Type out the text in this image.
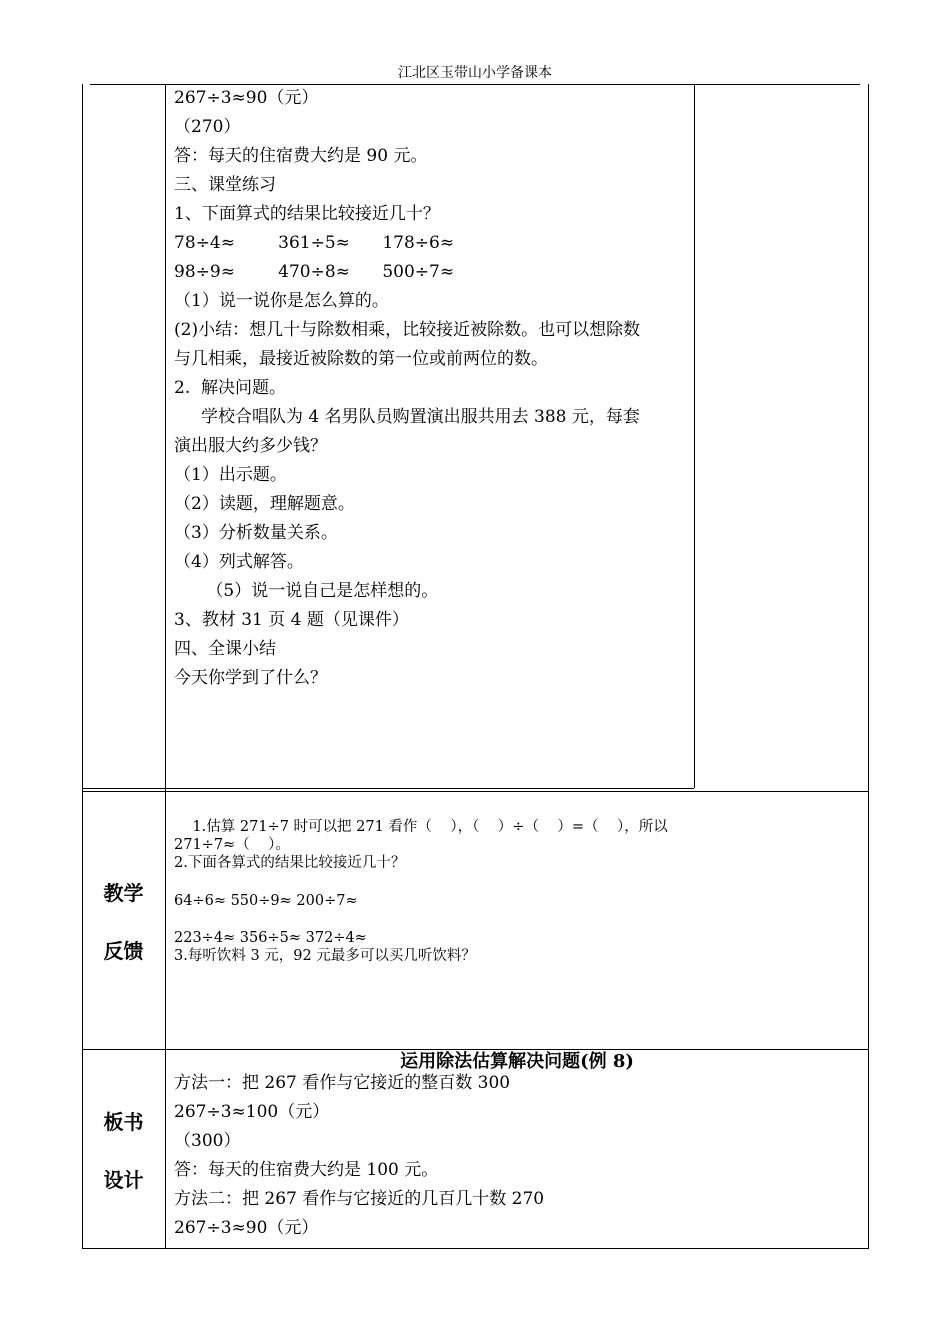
江北区玉带山小学备课本

267÷3≈90（元）

（270）

答：每天的住宿费大约是 90 元。

三、课堂练习

1、下面算式的结果比较接近几十？

78÷4≈        361÷5≈      178÷6≈

98÷9≈        470÷8≈      500÷7≈

（1）说一说你是怎么算的。

(2)小结：想几十与除数相乘，比较接近被除数。也可以想除数

与几相乘，最接近被除数的第一位或前两位的数。

2.  解决问题。

学校合唱队为 4 名男队员购置演出服共用去 388 元，每套

演出服大约多少钱？

（1）出示题。

（2）读题，理解题意。

（3）分析数量关系。

（4）列式解答。

（5）说一说自己是怎样想的。

3、教材 31 页 4 题（见课件）

四、全课小结

今天你学到了什么？

教学
反馈

1.估算 271÷7 时可以把 271 看作（    ），（    ）÷（    ）=（    ），所以

271÷7≈（    ）。

2.下面各算式的结果比较接近几十？

64÷6≈ 550÷9≈ 200÷7≈
223÷4≈ 356÷5≈ 372÷4≈
3.每听饮料 3 元，92 元最多可以买几听饮料？
板书
设计
运用除法估算解决问题(例 8)

方法一：把 267 看作与它接近的整百数 300

267÷3≈100（元）

（300）

答：每天的住宿费大约是 100 元。

方法二：把 267 看作与它接近的几百几十数 270

267÷3≈90（元）
